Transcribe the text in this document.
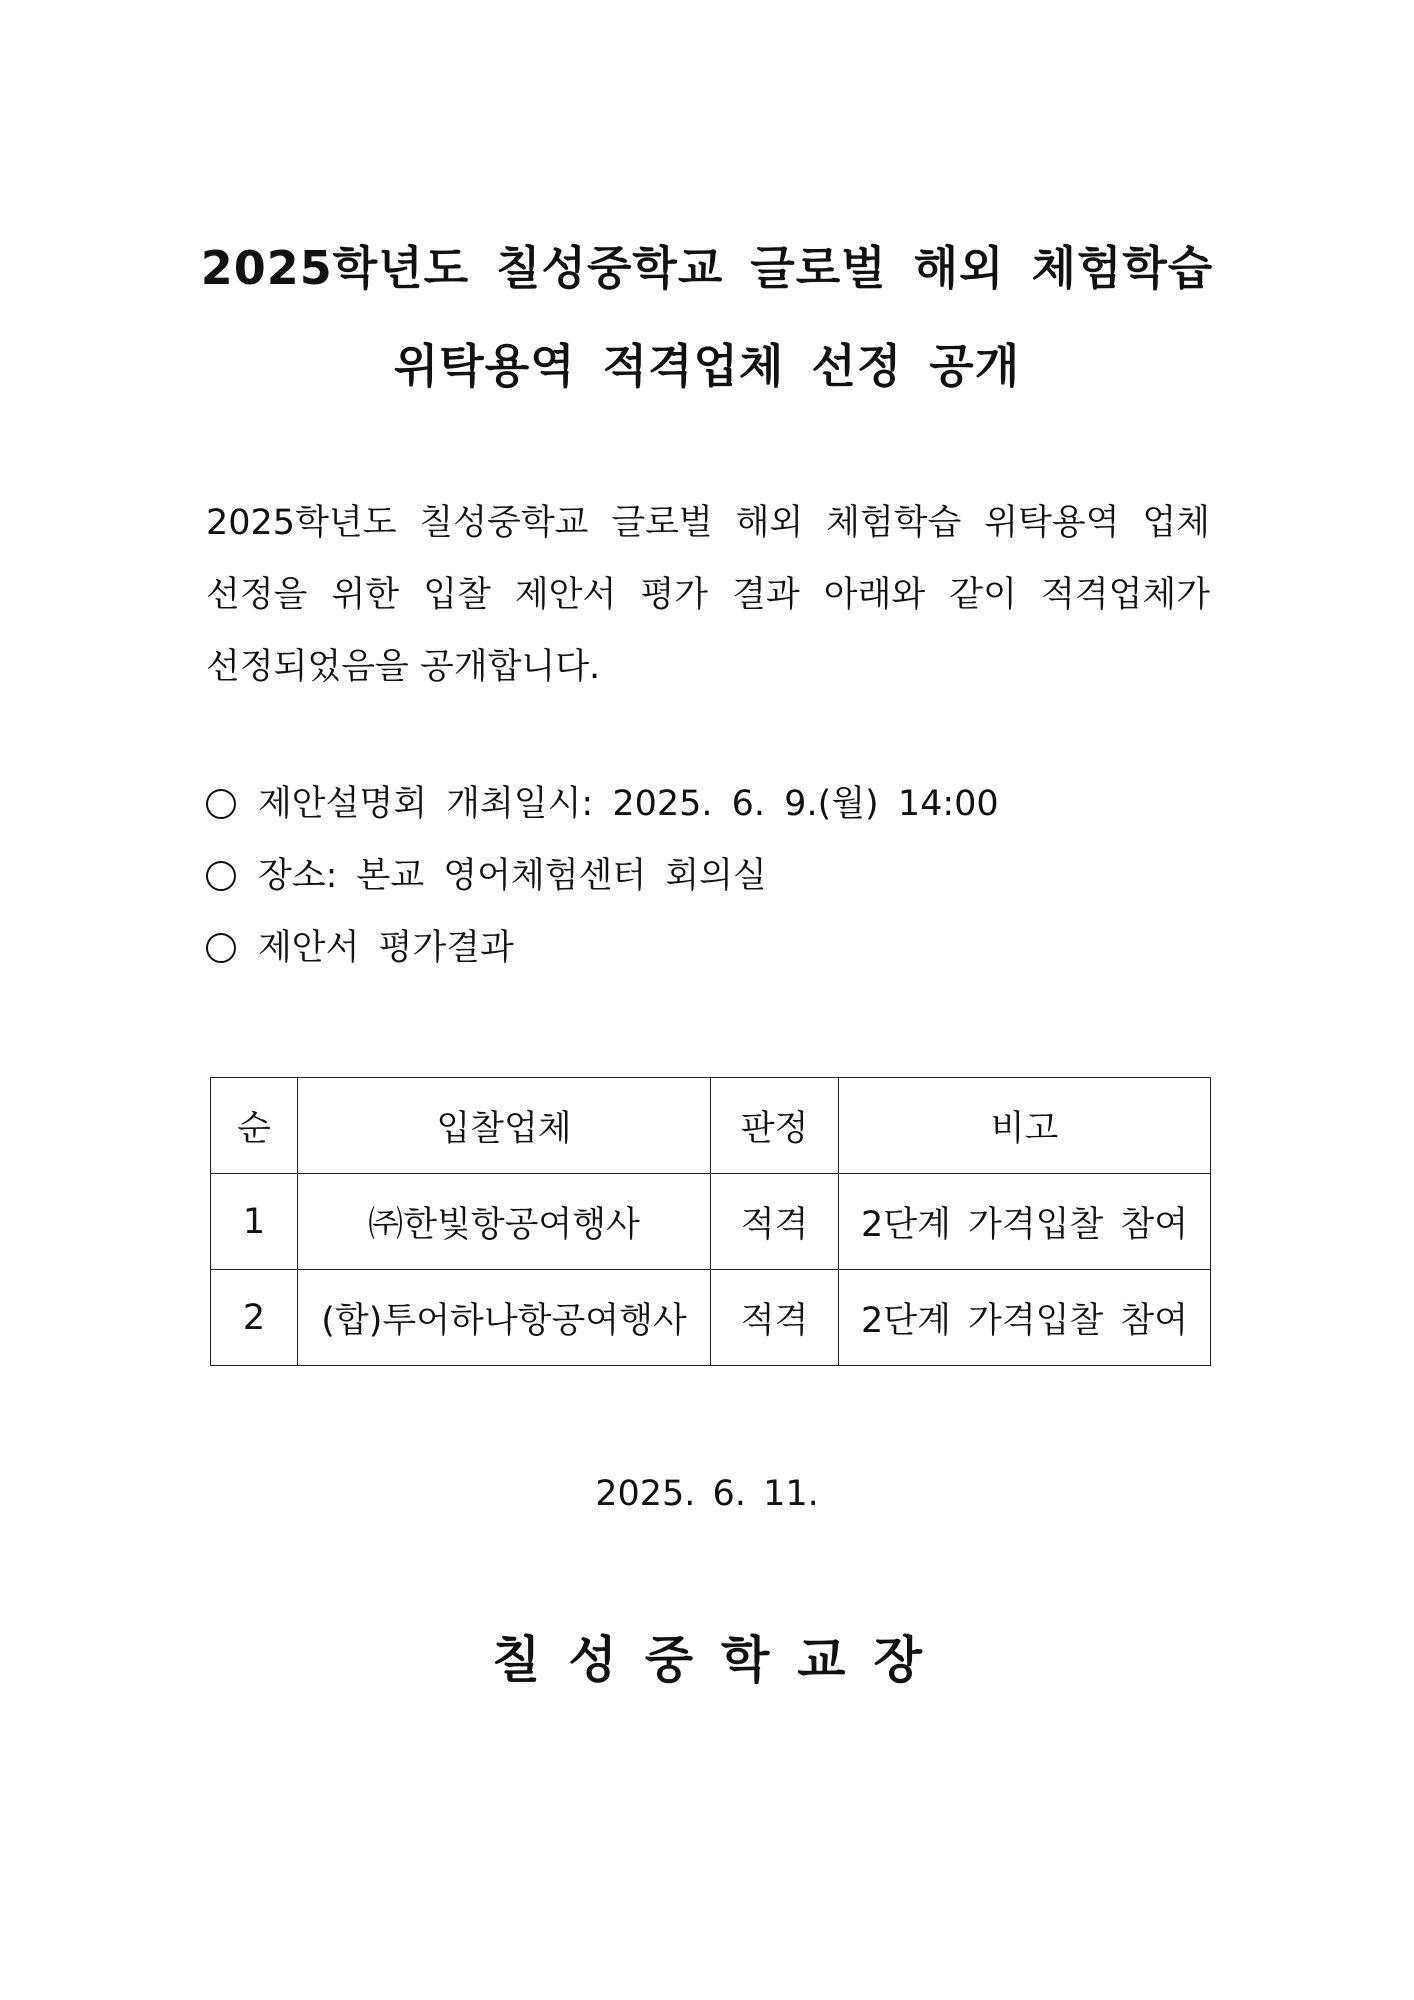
2025학년도 칠성중학교 글로벌 해외 체험학습
위탁용역 적격업체 선정 공개
2025학년도 칠성중학교 글로벌 해외 체험학습 위탁용역 업체
선정을 위한 입찰 제안서 평가 결과 아래와 같이 적격업체가
선정되었음을 공개합니다.
제안설명회 개최일시: 2025. 6. 9.(월) 14:00
장소: 본교 영어체험센터 회의실
제안서 평가결과
순	입찰업체	판정	비고
1	㈜한빛항공여행사	적격	2단계 가격입찰 참여
2	(합)투어하나항공여행사	적격	2단계 가격입찰 참여
2025. 6. 11.
칠성중학교장
